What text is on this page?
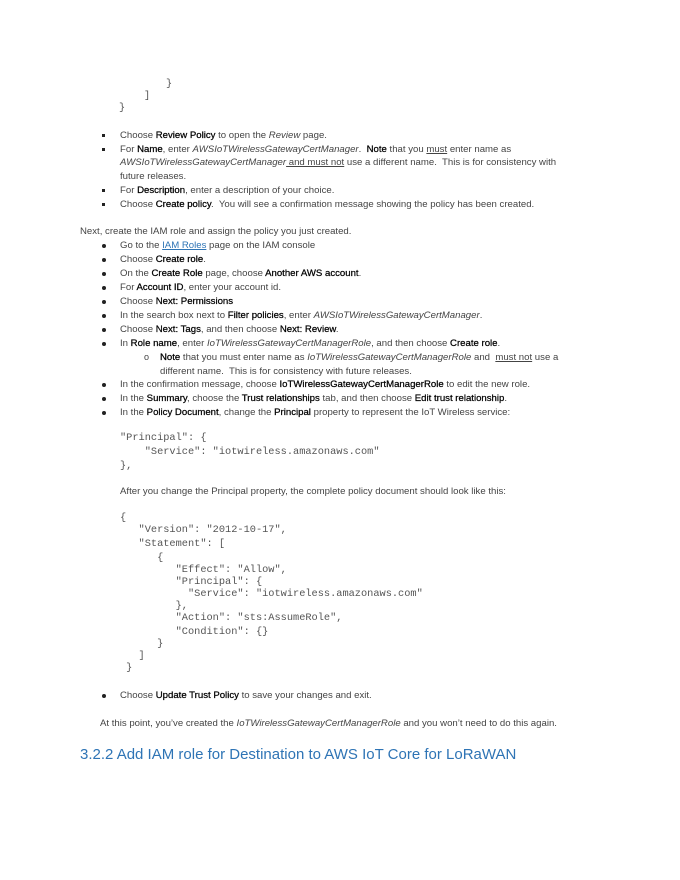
}
]
}
Choose Review Policy to open the Review page.
For Name, enter AWSIoTWirelessGatewayCertManager.  Note that you must enter name as
AWSIoTWirelessGatewayCertManager and must not use a different name.  This is for consistency with
future releases.
For Description, enter a description of your choice.
Choose Create policy.  You will see a confirmation message showing the policy has been created.
Next, create the IAM role and assign the policy you just created.
Go to the IAM Roles page on the IAM console
Choose Create role.
On the Create Role page, choose Another AWS account.
For Account ID, enter your account id.
Choose Next: Permissions
In the search box next to Filter policies, enter AWSIoTWirelessGatewayCertManager.
Choose Next: Tags, and then choose Next: Review.
In Role name, enter IoTWirelessGatewayCertManagerRole, and then choose Create role.
o Note that you must enter name as IoTWirelessGatewayCertManagerRole and  must not use a
different name.  This is for consistency with future releases.
In the confirmation message, choose IoTWirelessGatewayCertManagerRole to edit the new role.
In the Summary, choose the Trust relationships tab, and then choose Edit trust relationship.
In the Policy Document, change the Principal property to represent the IoT Wireless service:
"Principal": {
"Service": "iotwireless.amazonaws.com"
},
After you change the Principal property, the complete policy document should look like this:
{
"Version": "2012-10-17",
"Statement": [
{
"Effect": "Allow",
"Principal": {
"Service": "iotwireless.amazonaws.com"
},
"Action": "sts:AssumeRole",
"Condition": {}
}
]
}
Choose Update Trust Policy to save your changes and exit.
At this point, you’ve created the IoTWirelessGatewayCertManagerRole and you won’t need to do this again.
3.2.2 Add IAM role for Destination to AWS IoT Core for LoRaWAN
